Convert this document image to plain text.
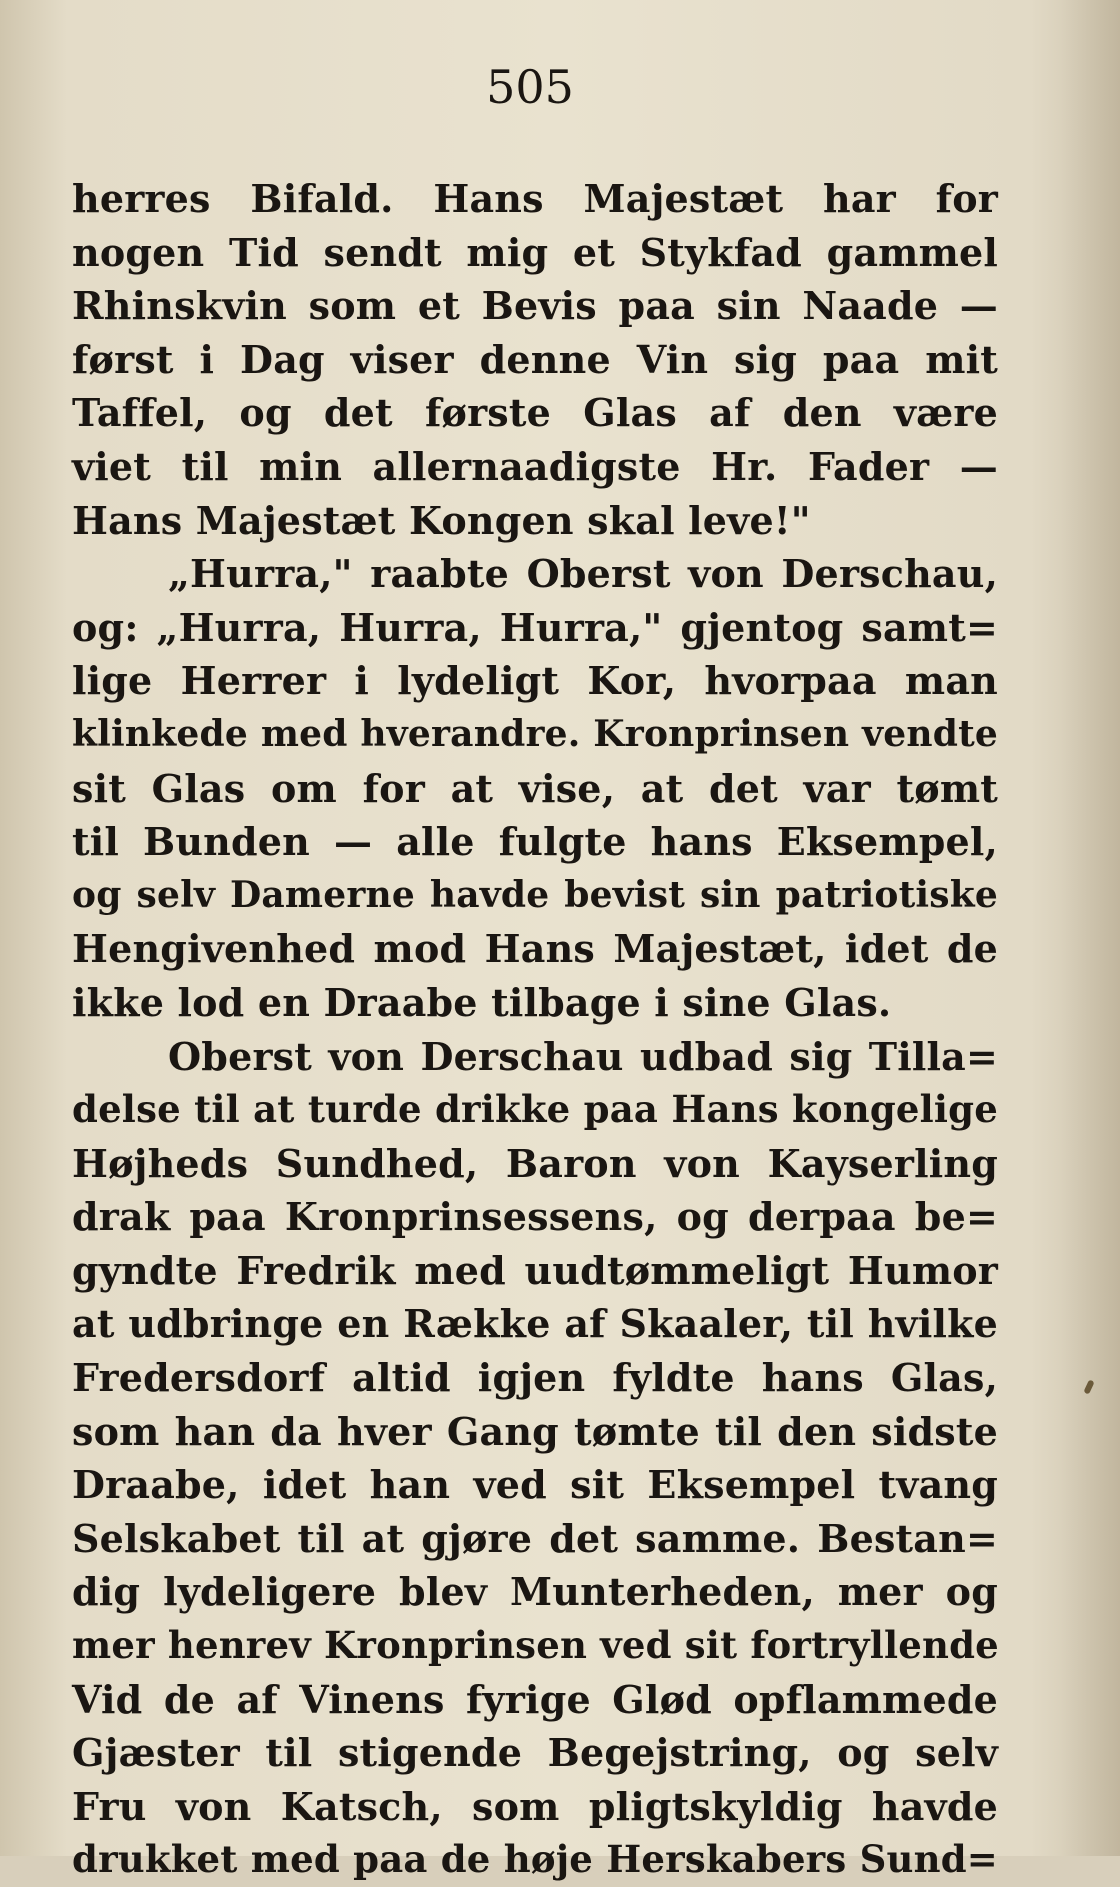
505
herres Bifald. Hans Majestæt har for
nogen Tid sendt mig et Stykfad gammel
Rhinskvin som et Bevis paa sin Naade —
først i Dag viser denne Vin sig paa mit
Taffel, og det første Glas af den være
viet til min allernaadigste Hr. Fader —
Hans Majestæt Kongen skal leve!"
„Hurra," raabte Oberst von Derschau,
og: „Hurra, Hurra, Hurra," gjentog samt=
lige Herrer i lydeligt Kor, hvorpaa man
klinkede med hverandre. Kronprinsen vendte
sit Glas om for at vise, at det var tømt
til Bunden — alle fulgte hans Eksempel,
og selv Damerne havde bevist sin patriotiske
Hengivenhed mod Hans Majestæt, idet de
ikke lod en Draabe tilbage i sine Glas.
Oberst von Derschau udbad sig Tilla=
delse til at turde drikke paa Hans kongelige
Højheds Sundhed, Baron von Kayserling
drak paa Kronprinsessens, og derpaa be=
gyndte Fredrik med uudtømmeligt Humor
at udbringe en Række af Skaaler, til hvilke
Fredersdorf altid igjen fyldte hans Glas,
som han da hver Gang tømte til den sidste
Draabe, idet han ved sit Eksempel tvang
Selskabet til at gjøre det samme. Bestan=
dig lydeligere blev Munterheden, mer og
mer henrev Kronprinsen ved sit fortryllende
Vid de af Vinens fyrige Glød opflammede
Gjæster til stigende Begejstring, og selv
Fru von Katsch, som pligtskyldig havde
drukket med paa de høje Herskabers Sund=
